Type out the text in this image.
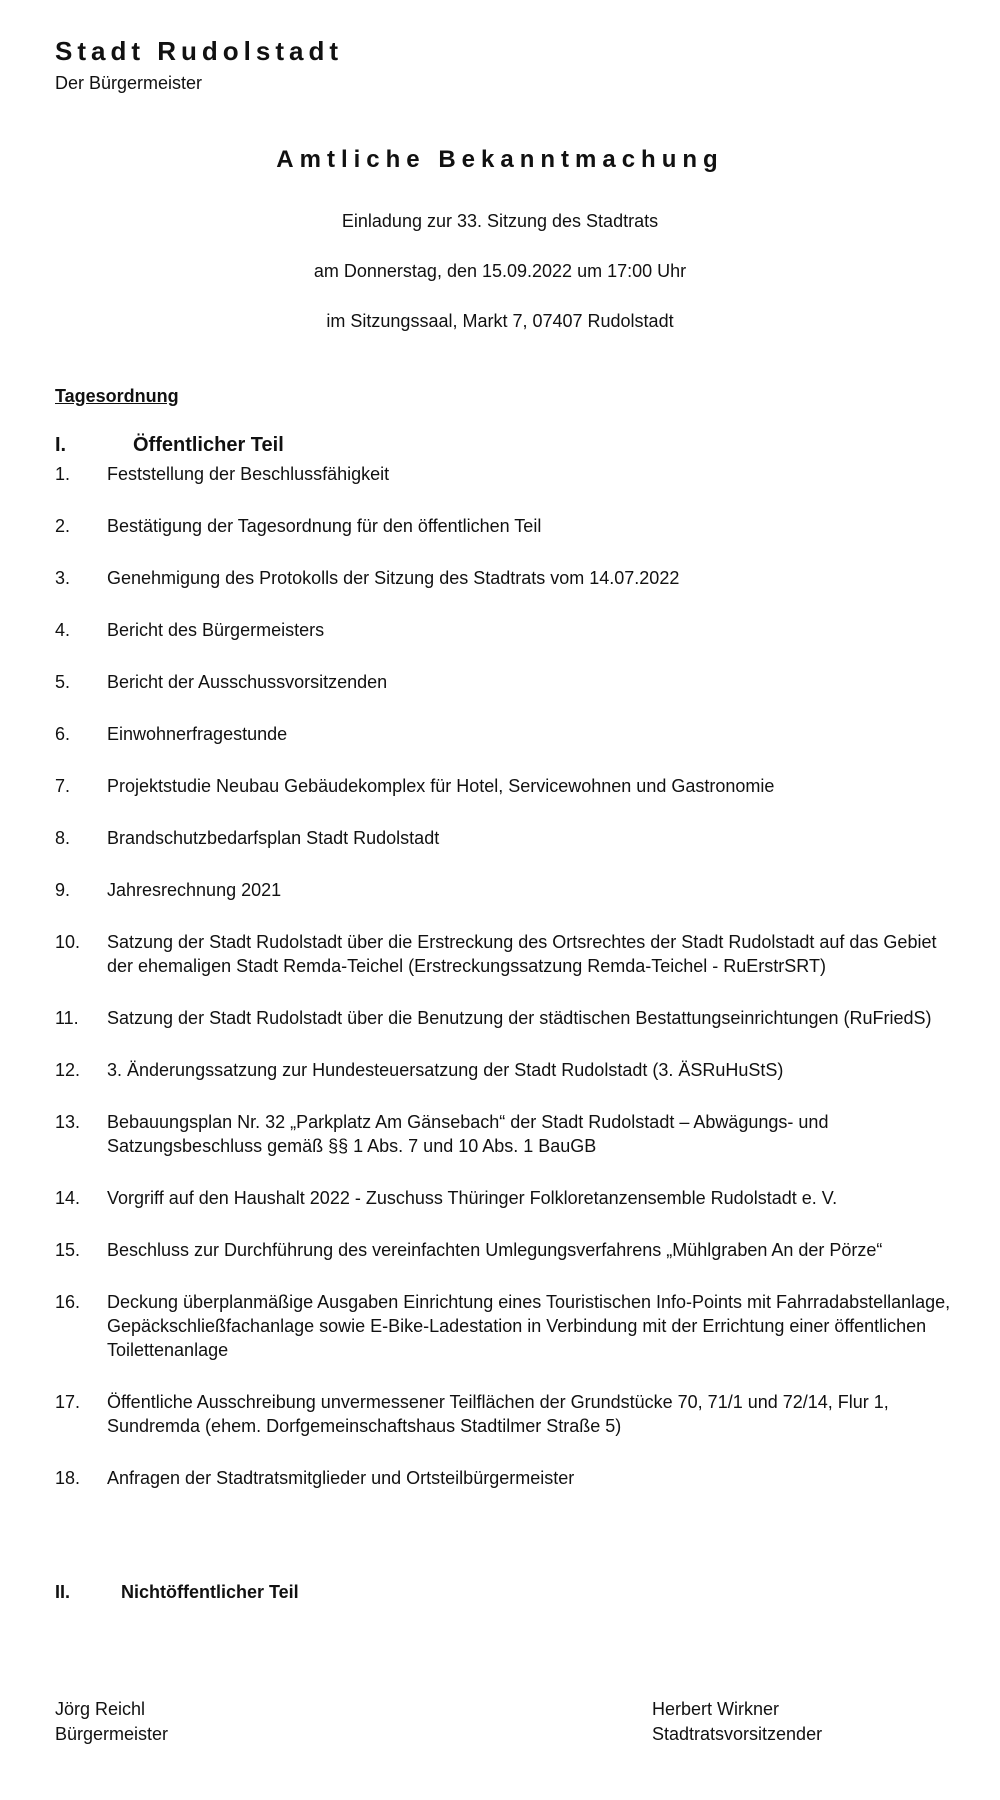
Stadt Rudolstadt
Der Bürgermeister
Amtliche Bekanntmachung
Einladung zur 33. Sitzung des Stadtrats
am Donnerstag, den 15.09.2022 um 17:00 Uhr
im Sitzungssaal, Markt 7, 07407 Rudolstadt
Tagesordnung
I.	Öffentlicher Teil
1.	Feststellung der Beschlussfähigkeit
2.	Bestätigung der Tagesordnung für den öffentlichen Teil
3.	Genehmigung des Protokolls der Sitzung des Stadtrats vom 14.07.2022
4.	Bericht des Bürgermeisters
5.	Bericht der Ausschussvorsitzenden
6.	Einwohnerfragestunde
7.	Projektstudie Neubau Gebäudekomplex für Hotel, Servicewohnen und Gastronomie
8.	Brandschutzbedarfsplan Stadt Rudolstadt
9.	Jahresrechnung 2021
10.	Satzung der Stadt Rudolstadt über die Erstreckung des Ortsrechtes der Stadt Rudolstadt auf das Gebiet der ehemaligen Stadt Remda-Teichel (Erstreckungssatzung Remda-Teichel - RuErstrSRT)
11.	Satzung der Stadt Rudolstadt über die Benutzung der städtischen Bestattungseinrichtungen (RuFriedS)
12.	3. Änderungssatzung zur Hundesteuersatzung der Stadt Rudolstadt (3. ÄSRuHuStS)
13.	Bebauungsplan Nr. 32 „Parkplatz Am Gänsebach“ der Stadt Rudolstadt – Abwägungs- und Satzungsbeschluss gemäß §§ 1 Abs. 7 und 10 Abs. 1 BauGB
14.	Vorgriff auf den Haushalt 2022 - Zuschuss Thüringer Folkloretanzensemble Rudolstadt e. V.
15.	Beschluss zur Durchführung des vereinfachten Umlegungsverfahrens „Mühlgraben An der Pörze“
16.	Deckung überplanmäßige Ausgaben Einrichtung eines Touristischen Info-Points mit Fahrradabstellanlage, Gepäckschließfachanlage sowie E-Bike-Ladestation in Verbindung mit der Errichtung einer öffentlichen Toilettenanlage
17.	Öffentliche Ausschreibung unvermessener Teilflächen der Grundstücke 70, 71/1 und 72/14, Flur 1, Sundremda (ehem. Dorfgemeinschaftshaus Stadtilmer Straße 5)
18.	Anfragen der Stadtratsmitglieder und Ortsteilbürgermeister
II.	Nichtöffentlicher Teil
Jörg Reichl
Bürgermeister
Herbert Wirkner
Stadtratsvorsitzender
